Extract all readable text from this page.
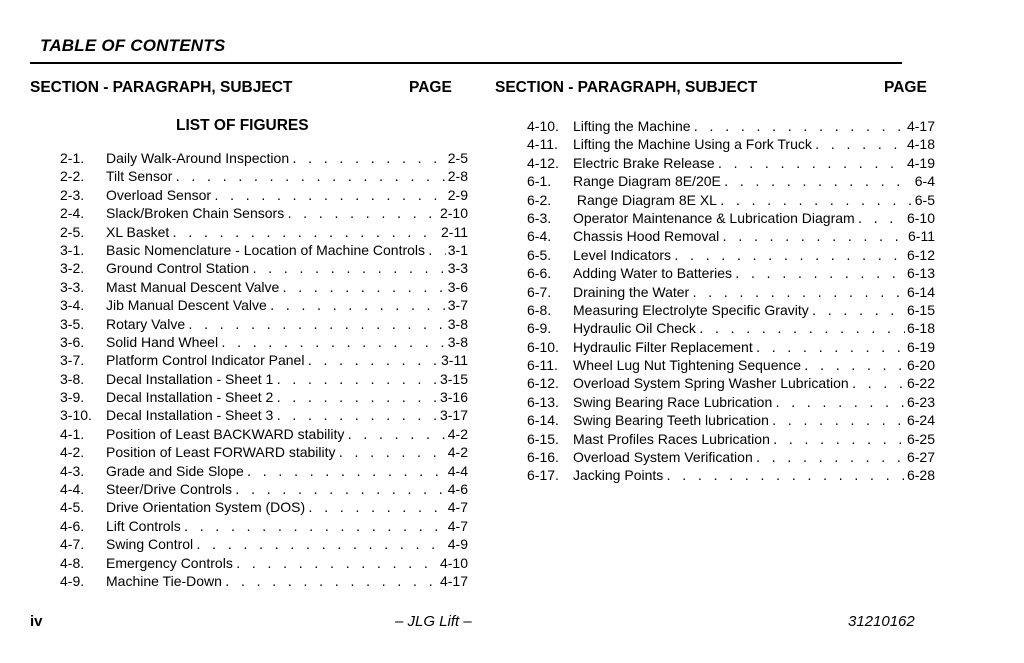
TABLE OF CONTENTS
SECTION - PARAGRAPH, SUBJECT	PAGE	SECTION - PARAGRAPH, SUBJECT	PAGE
LIST OF FIGURES
2-1.	Daily Walk-Around Inspection . . .	2-5
2-2.	Tilt Sensor . . .	2-8
2-3.	Overload Sensor . . .	2-9
2-4.	Slack/Broken Chain Sensors . . .	2-10
2-5.	XL Basket . . .	2-11
3-1.	Basic Nomenclature - Location of Machine Controls . . . 3-1
3-2.	Ground Control Station . . .	3-3
3-3.	Mast Manual Descent Valve . . .	3-6
3-4.	Jib Manual Descent Valve . . .	3-7
3-5.	Rotary Valve . . .	3-8
3-6.	Solid Hand Wheel . . .	3-8
3-7.	Platform Control Indicator Panel . . .	3-11
3-8.	Decal Installation - Sheet 1 . . .	3-15
3-9.	Decal Installation - Sheet 2 . . .	3-16
3-10.	Decal Installation - Sheet 3 . . .	3-17
4-1.	Position of Least BACKWARD stability . . .	4-2
4-2.	Position of Least FORWARD stability . . .	4-2
4-3.	Grade and Side Slope . . .	4-4
4-4.	Steer/Drive Controls . . .	4-6
4-5.	Drive Orientation System (DOS) . . .	4-7
4-6.	Lift Controls . . .	4-7
4-7.	Swing Control . . .	4-9
4-8.	Emergency Controls . . .	4-10
4-9.	Machine Tie-Down . . .	4-17
4-10.	Lifting the Machine . . .	4-17
4-11.	Lifting the Machine Using a Fork Truck . . .	4-18
4-12.	Electric Brake Release . . .	4-19
6-1.	Range Diagram 8E/20E . . .	6-4
6-2.	Range Diagram 8E XL . . .	6-5
6-3.	Operator Maintenance & Lubrication Diagram . . .	6-10
6-4.	Chassis Hood Removal . . .	6-11
6-5.	Level Indicators . . .	6-12
6-6.	Adding Water to Batteries . . .	6-13
6-7.	Draining the Water . . .	6-14
6-8.	Measuring Electrolyte Specific Gravity . . .	6-15
6-9.	Hydraulic Oil Check . . .	6-18
6-10.	Hydraulic Filter Replacement . . .	6-19
6-11.	Wheel Lug Nut Tightening Sequence . . .	6-20
6-12.	Overload System Spring Washer Lubrication . . .	6-22
6-13.	Swing Bearing Race Lubrication . . .	6-23
6-14.	Swing Bearing Teeth lubrication . . .	6-24
6-15.	Mast Profiles Races Lubrication . . .	6-25
6-16.	Overload System Verification . . .	6-27
6-17.	Jacking Points . . .	6-28
iv	– JLG Lift –	31210162
